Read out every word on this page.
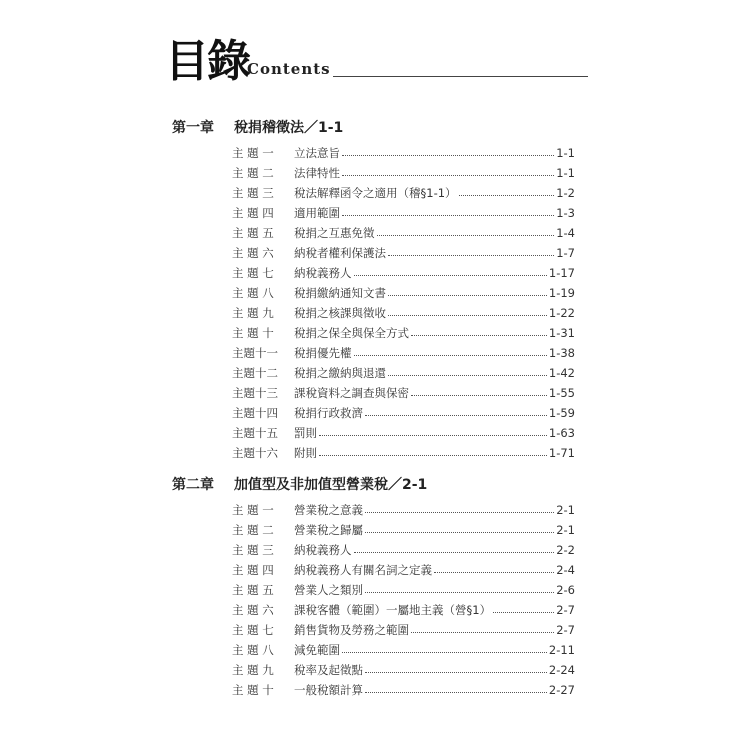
目錄
Contents
第一章 稅捐稽徵法／1-1
主 題 一	立法意旨	1-1
主 題 二	法律特性	1-1
主 題 三	稅法解釋函令之適用（稽§1-1）	1-2
主 題 四	適用範圍	1-3
主 題 五	稅捐之互惠免徵	1-4
主 題 六	納稅者權利保護法	1-7
主 題 七	納稅義務人	1-17
主 題 八	稅捐繳納通知文書	1-19
主 題 九	稅捐之核課與徵收	1-22
主 題 十	稅捐之保全與保全方式	1-31
主題十一	稅捐優先權	1-38
主題十二	稅捐之繳納與退還	1-42
主題十三	課稅資料之調查與保密	1-55
主題十四	稅捐行政救濟	1-59
主題十五	罰則	1-63
主題十六	附則	1-71
第二章 加值型及非加值型營業稅／2-1
主 題 一	營業稅之意義	2-1
主 題 二	營業稅之歸屬	2-1
主 題 三	納稅義務人	2-2
主 題 四	納稅義務人有關名詞之定義	2-4
主 題 五	營業人之類別	2-6
主 題 六	課稅客體（範圍）一屬地主義（營§1）	2-7
主 題 七	銷售貨物及勞務之範圍	2-7
主 題 八	減免範圍	2-11
主 題 九	稅率及起徵點	2-24
主 題 十	一般稅額計算	2-27
